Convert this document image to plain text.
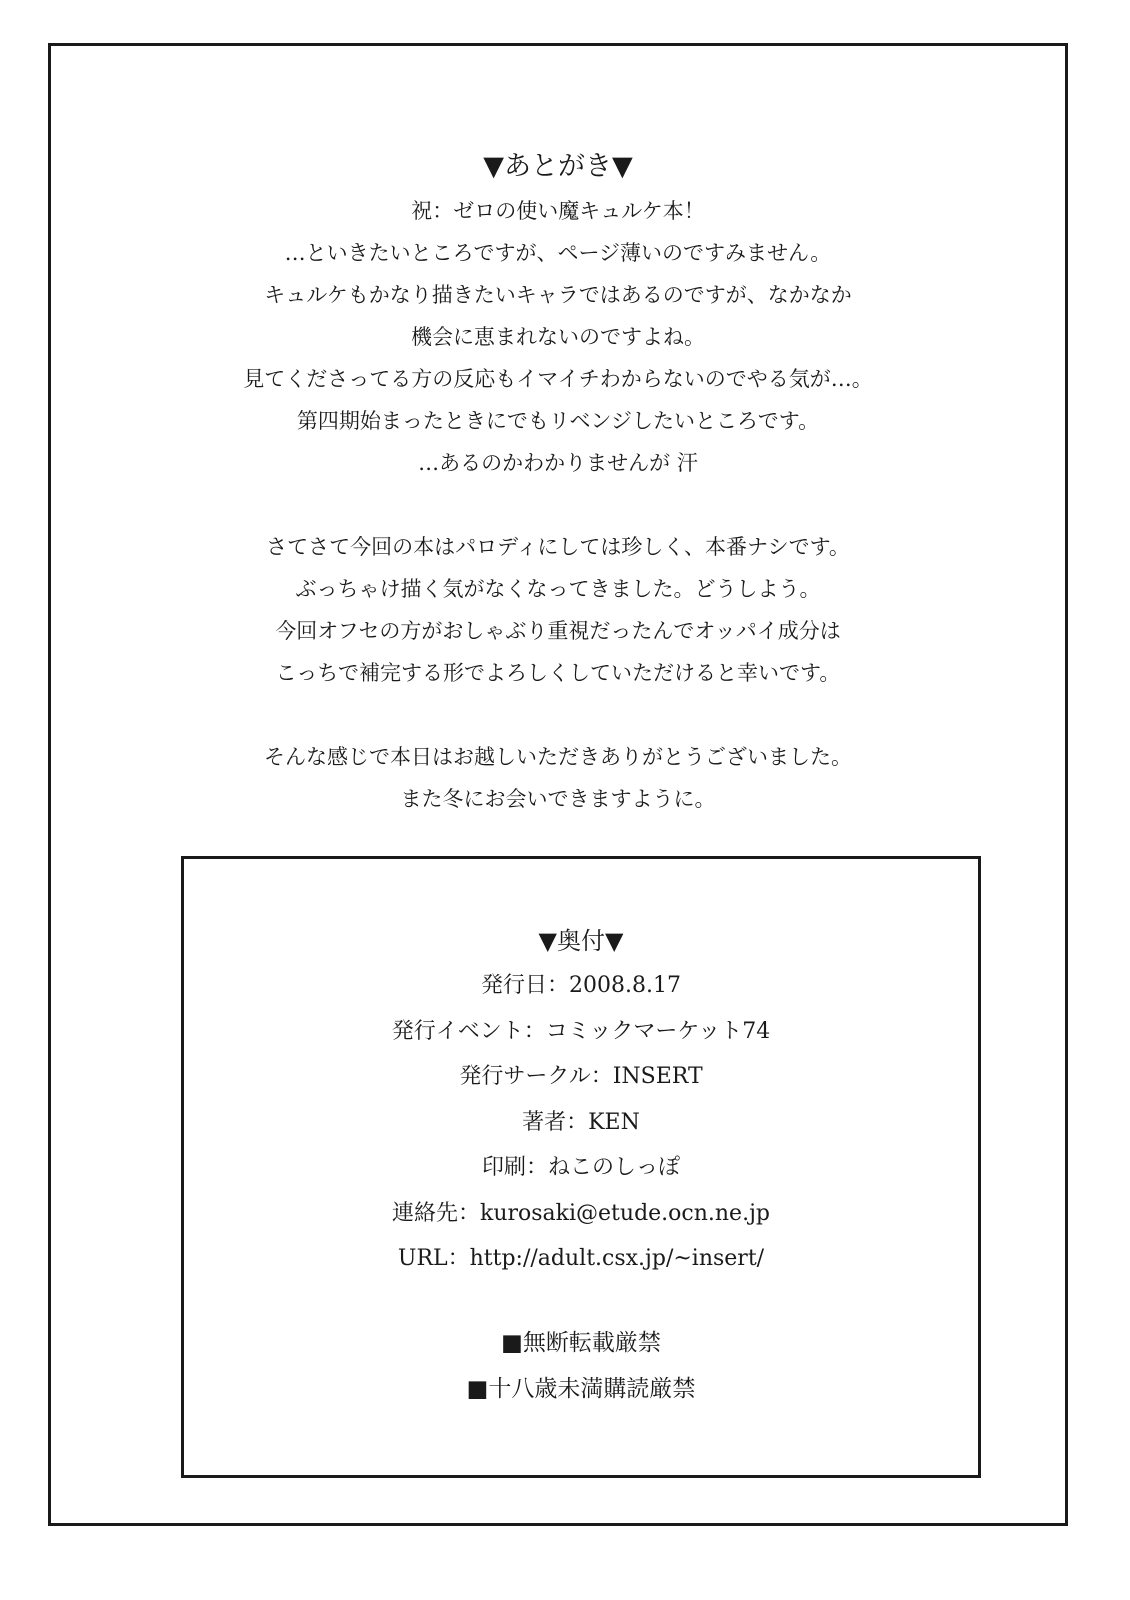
▼あとがき▼
祝：ゼロの使い魔キュルケ本！
…といきたいところですが、ページ薄いのですみません。
キュルケもかなり描きたいキャラではあるのですが、なかなか
機会に恵まれないのですよね。
見てくださってる方の反応もイマイチわからないのでやる気が…。
第四期始まったときにでもリベンジしたいところです。
…あるのかわかりませんが 汗
さてさて今回の本はパロディにしては珍しく、本番ナシです。
ぶっちゃけ描く気がなくなってきました。どうしよう。
今回オフセの方がおしゃぶり重視だったんでオッパイ成分は
こっちで補完する形でよろしくしていただけると幸いです。
そんな感じで本日はお越しいただきありがとうございました。
また冬にお会いできますように。
▼奥付▼
発行日：2008.8.17
発行イベント：コミックマーケット74
発行サークル：INSERT
著者：KEN
印刷：ねこのしっぽ
連絡先：kurosaki@etude.ocn.ne.jp
URL：http://adult.csx.jp/~insert/
■無断転載厳禁
■十八歳未満購読厳禁
